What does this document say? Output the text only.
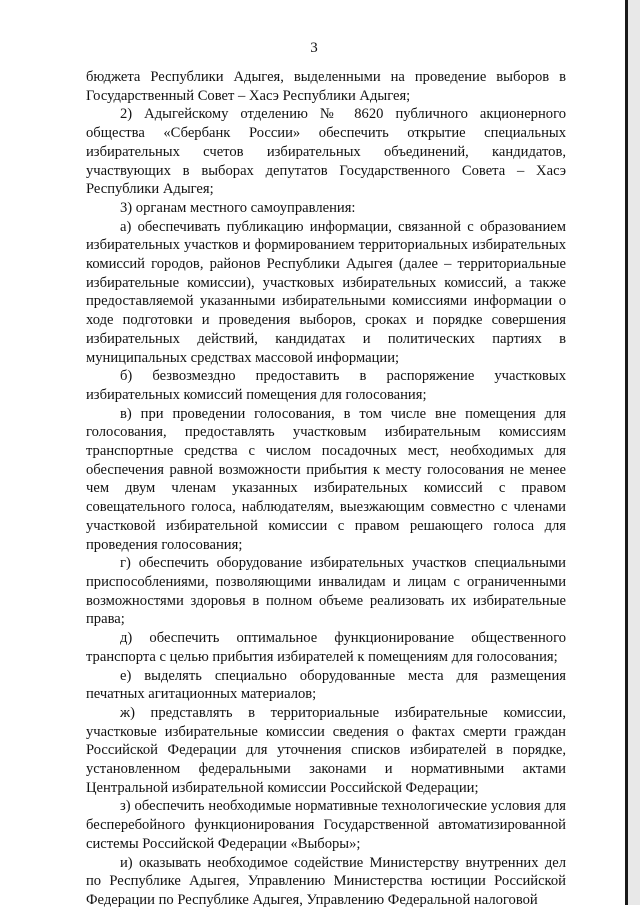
3

бюджета Республики Адыгея, выделенными на проведение выборов в Государственный Совет – Хасэ Республики Адыгея;

2) Адыгейскому отделению № 8620 публичного акционерного общества «Сбербанк России» обеспечить открытие специальных избирательных счетов избирательных объединений, кандидатов, участвующих в выборах депутатов Государственного Совета – Хасэ Республики Адыгея;

3) органам местного самоуправления:

а) обеспечивать публикацию информации, связанной с образованием избирательных участков и формированием территориальных избирательных комиссий городов, районов Республики Адыгея (далее – территориальные избирательные комиссии), участковых избирательных комиссий, а также предоставляемой указанными избирательными комиссиями информации о ходе подготовки и проведения выборов, сроках и порядке совершения избирательных действий, кандидатах и политических партиях в муниципальных средствах массовой информации;

б) безвозмездно предоставить в распоряжение участковых избирательных комиссий помещения для голосования;

в) при проведении голосования, в том числе вне помещения для голосования, предоставлять участковым избирательным комиссиям транспортные средства с числом посадочных мест, необходимых для обеспечения равной возможности прибытия к месту голосования не менее чем двум членам указанных избирательных комиссий с правом совещательного голоса, наблюдателям, выезжающим совместно с членами участковой избирательной комиссии с правом решающего голоса для проведения голосования;

г) обеспечить оборудование избирательных участков специальными приспособлениями, позволяющими инвалидам и лицам с ограниченными возможностями здоровья в полном объеме реализовать их избирательные права;

д) обеспечить оптимальное функционирование общественного транспорта с целью прибытия избирателей к помещениям для голосования;

е) выделять специально оборудованные места для размещения печатных агитационных материалов;

ж) представлять в территориальные избирательные комиссии, участковые избирательные комиссии сведения о фактах смерти граждан Российской Федерации для уточнения списков избирателей в порядке, установленном федеральными законами и нормативными актами Центральной избирательной комиссии Российской Федерации;

з) обеспечить необходимые нормативные технологические условия для бесперебойного функционирования Государственной автоматизированной системы Российской Федерации «Выборы»;

и) оказывать необходимое содействие Министерству внутренних дел по Республике Адыгея, Управлению Министерства юстиции Российской Федерации по Республике Адыгея, Управлению Федеральной налоговой
